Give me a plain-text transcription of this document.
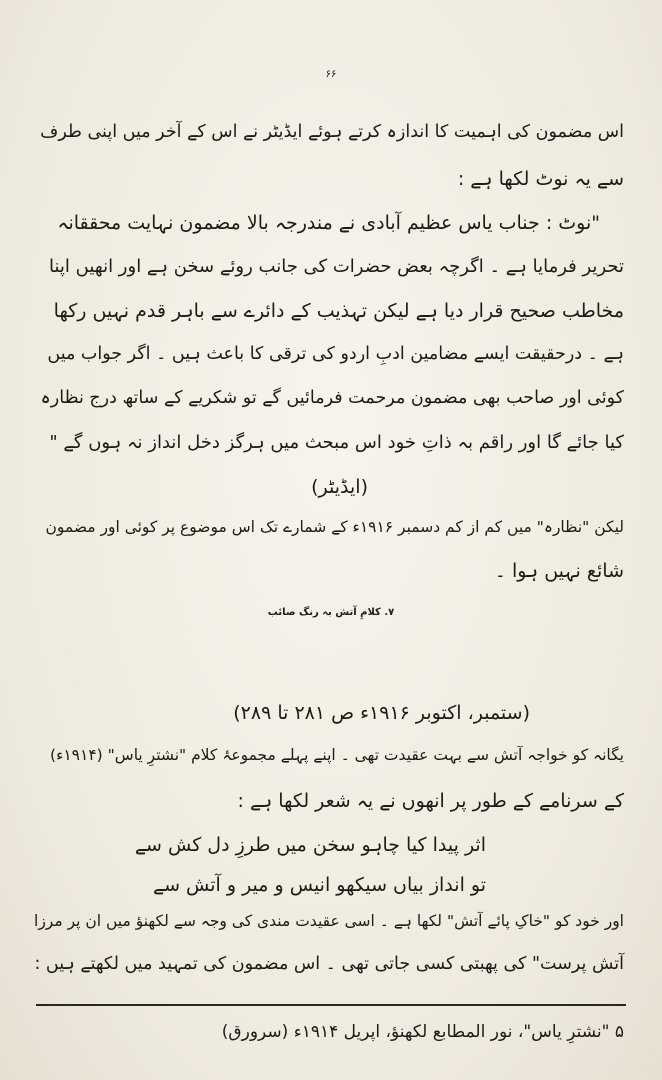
۶۶
اس مضمون کی اہمیت کا اندازہ کرتے ہوئے ایڈیٹر نے اس کے آخر میں اپنی طرف
سے یہ نوٹ لکھا ہے :
"نوٹ : جناب یاس عظیم آبادی نے مندرجہ بالا مضمون نہایت محققانہ
تحریر فرمایا ہے ۔ اگرچہ بعض حضرات کی جانب روئے سخن ہے اور انھیں اپنا
مخاطب صحیح قرار دیا ہے لیکن تہذیب کے دائرے سے باہر قدم نہیں رکھا
ہے ۔ درحقیقت ایسے مضامین ادبِ اردو کی ترقی کا باعث ہیں ۔ اگر جواب میں
کوئی اور صاحب بھی مضمون مرحمت فرمائیں گے تو شکریے کے ساتھ درج نظارہ
کیا جائے گا اور راقم بہ ذاتِ خود اس مبحث میں ہرگز دخل انداز نہ ہوں گے "
(ایڈیٹر)
لیکن "نظارہ" میں کم از کم دسمبر ۱۹۱۶ء کے شمارے تک اس موضوع پر کوئی اور مضمون
شائع نہیں ہوا ۔
۷. کلامِ آتش بہ رنگ صائب
(ستمبر، اکتوبر ۱۹۱۶ء ص ۲۸۱ تا ۲۸۹)
یگانہ کو خواجہ آتش سے بہت عقیدت تھی ۔ اپنے پہلے مجموعۂ کلام "نشترِ یاس" (۱۹۱۴ء)
کے سرنامے کے طور پر انھوں نے یہ شعر لکھا ہے :
اثر پیدا کیا چاہو سخن میں طرزِ دل کش سے
تو انداز بیاں سیکھو انیس و میر و آتش سے
اور خود کو "خاکِ پائے آتش" لکھا ہے ۔ اسی عقیدت مندی کی وجہ سے لکھنؤ میں ان پر مرزا
آتش پرست" کی پھبتی کسی جاتی تھی ۔ اس مضمون کی تمہید میں لکھتے ہیں :
۵ "نشترِ یاس"، نور المطابع لکھنؤ، اپریل ۱۹۱۴ء (سرورق)
